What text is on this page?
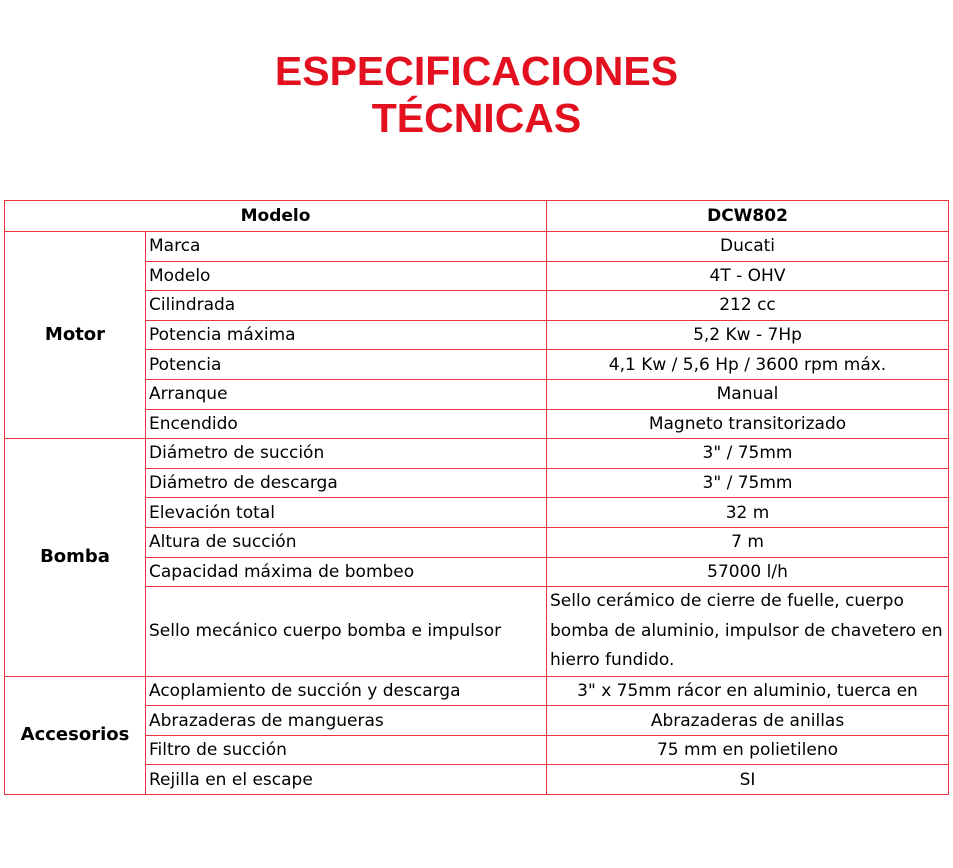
ESPECIFICACIONES
TÉCNICAS
Modelo		DCW802
Motor	Marca	Ducati
	Modelo	4T - OHV
	Cilindrada	212 cc
	Potencia máxima	5,2 Kw - 7Hp
	Potencia	4,1 Kw / 5,6 Hp / 3600 rpm máx.
	Arranque	Manual
	Encendido	Magneto transitorizado
Bomba	Diámetro de succión	3" / 75mm
	Diámetro de descarga	3" / 75mm
	Elevación total	32 m
	Altura de succión	7 m
	Capacidad máxima de bombeo	57000 l/h
	Sello mecánico cuerpo bomba e impulsor	Sello cerámico de cierre de fuelle, cuerpo bomba de aluminio, impulsor de chavetero en hierro fundido.
Accesorios	Acoplamiento de succión y descarga	3" x 75mm rácor en aluminio, tuerca en
	Abrazaderas de mangueras	Abrazaderas de anillas
	Filtro de succión	75 mm en polietileno
	Rejilla en el escape	SI
